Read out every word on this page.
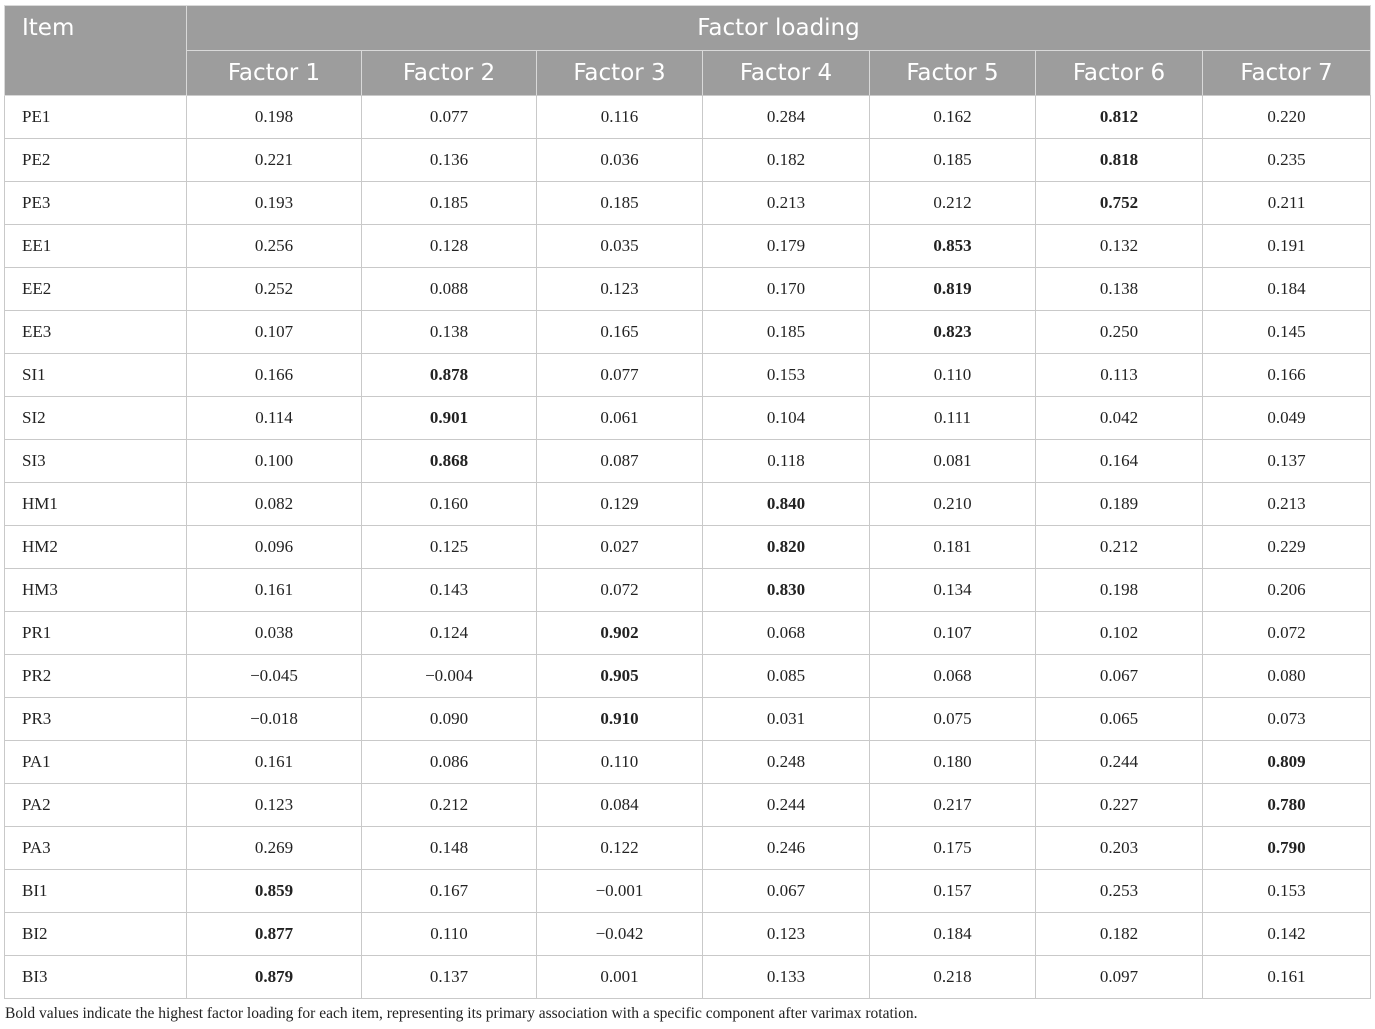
Item	Factor loading						
	Factor 1	Factor 2	Factor 3	Factor 4	Factor 5	Factor 6	Factor 7
PE1	0.198	0.077	0.116	0.284	0.162	0.812	0.220
PE2	0.221	0.136	0.036	0.182	0.185	0.818	0.235
PE3	0.193	0.185	0.185	0.213	0.212	0.752	0.211
EE1	0.256	0.128	0.035	0.179	0.853	0.132	0.191
EE2	0.252	0.088	0.123	0.170	0.819	0.138	0.184
EE3	0.107	0.138	0.165	0.185	0.823	0.250	0.145
SI1	0.166	0.878	0.077	0.153	0.110	0.113	0.166
SI2	0.114	0.901	0.061	0.104	0.111	0.042	0.049
SI3	0.100	0.868	0.087	0.118	0.081	0.164	0.137
HM1	0.082	0.160	0.129	0.840	0.210	0.189	0.213
HM2	0.096	0.125	0.027	0.820	0.181	0.212	0.229
HM3	0.161	0.143	0.072	0.830	0.134	0.198	0.206
PR1	0.038	0.124	0.902	0.068	0.107	0.102	0.072
PR2	−0.045	−0.004	0.905	0.085	0.068	0.067	0.080
PR3	−0.018	0.090	0.910	0.031	0.075	0.065	0.073
PA1	0.161	0.086	0.110	0.248	0.180	0.244	0.809
PA2	0.123	0.212	0.084	0.244	0.217	0.227	0.780
PA3	0.269	0.148	0.122	0.246	0.175	0.203	0.790
BI1	0.859	0.167	−0.001	0.067	0.157	0.253	0.153
BI2	0.877	0.110	−0.042	0.123	0.184	0.182	0.142
BI3	0.879	0.137	0.001	0.133	0.218	0.097	0.161

Bold values indicate the highest factor loading for each item, representing its primary association with a specific component after varimax rotation.
